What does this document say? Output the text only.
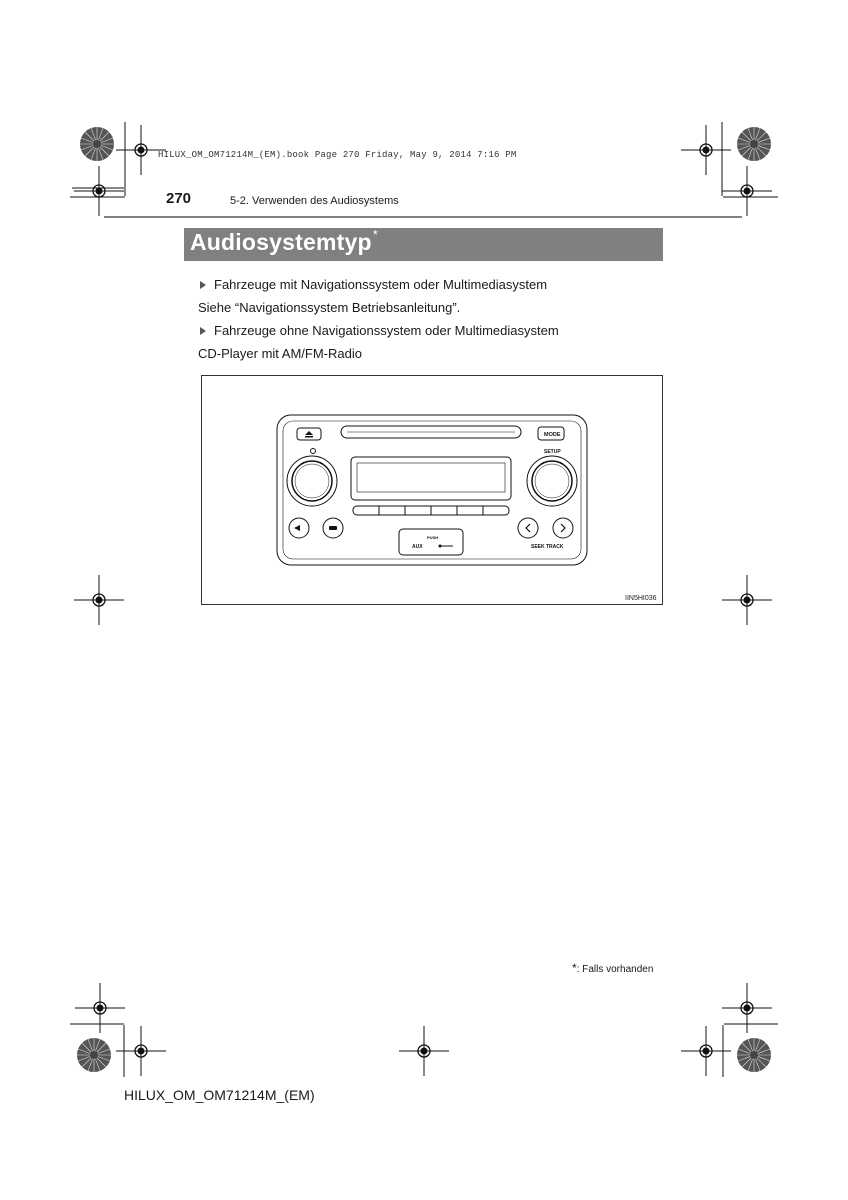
HILUX_OM_OM71214M_(EM).book Page 270 Friday, May 9, 2014 7:16 PM
270	5-2. Verwenden des Audiosystems
Audiosystemtyp*
Fahrzeuge mit Navigationssystem oder Multimediasystem
Siehe “Navigationssystem Betriebsanleitung”.
Fahrzeuge ohne Navigationssystem oder Multimediasystem
CD-Player mit AM/FM-Radio
MODE
SETUP
PUSH
AUX	SEEK TRACK
IIN5HI036
*: Falls vorhanden
HILUX_OM_OM71214M_(EM)
